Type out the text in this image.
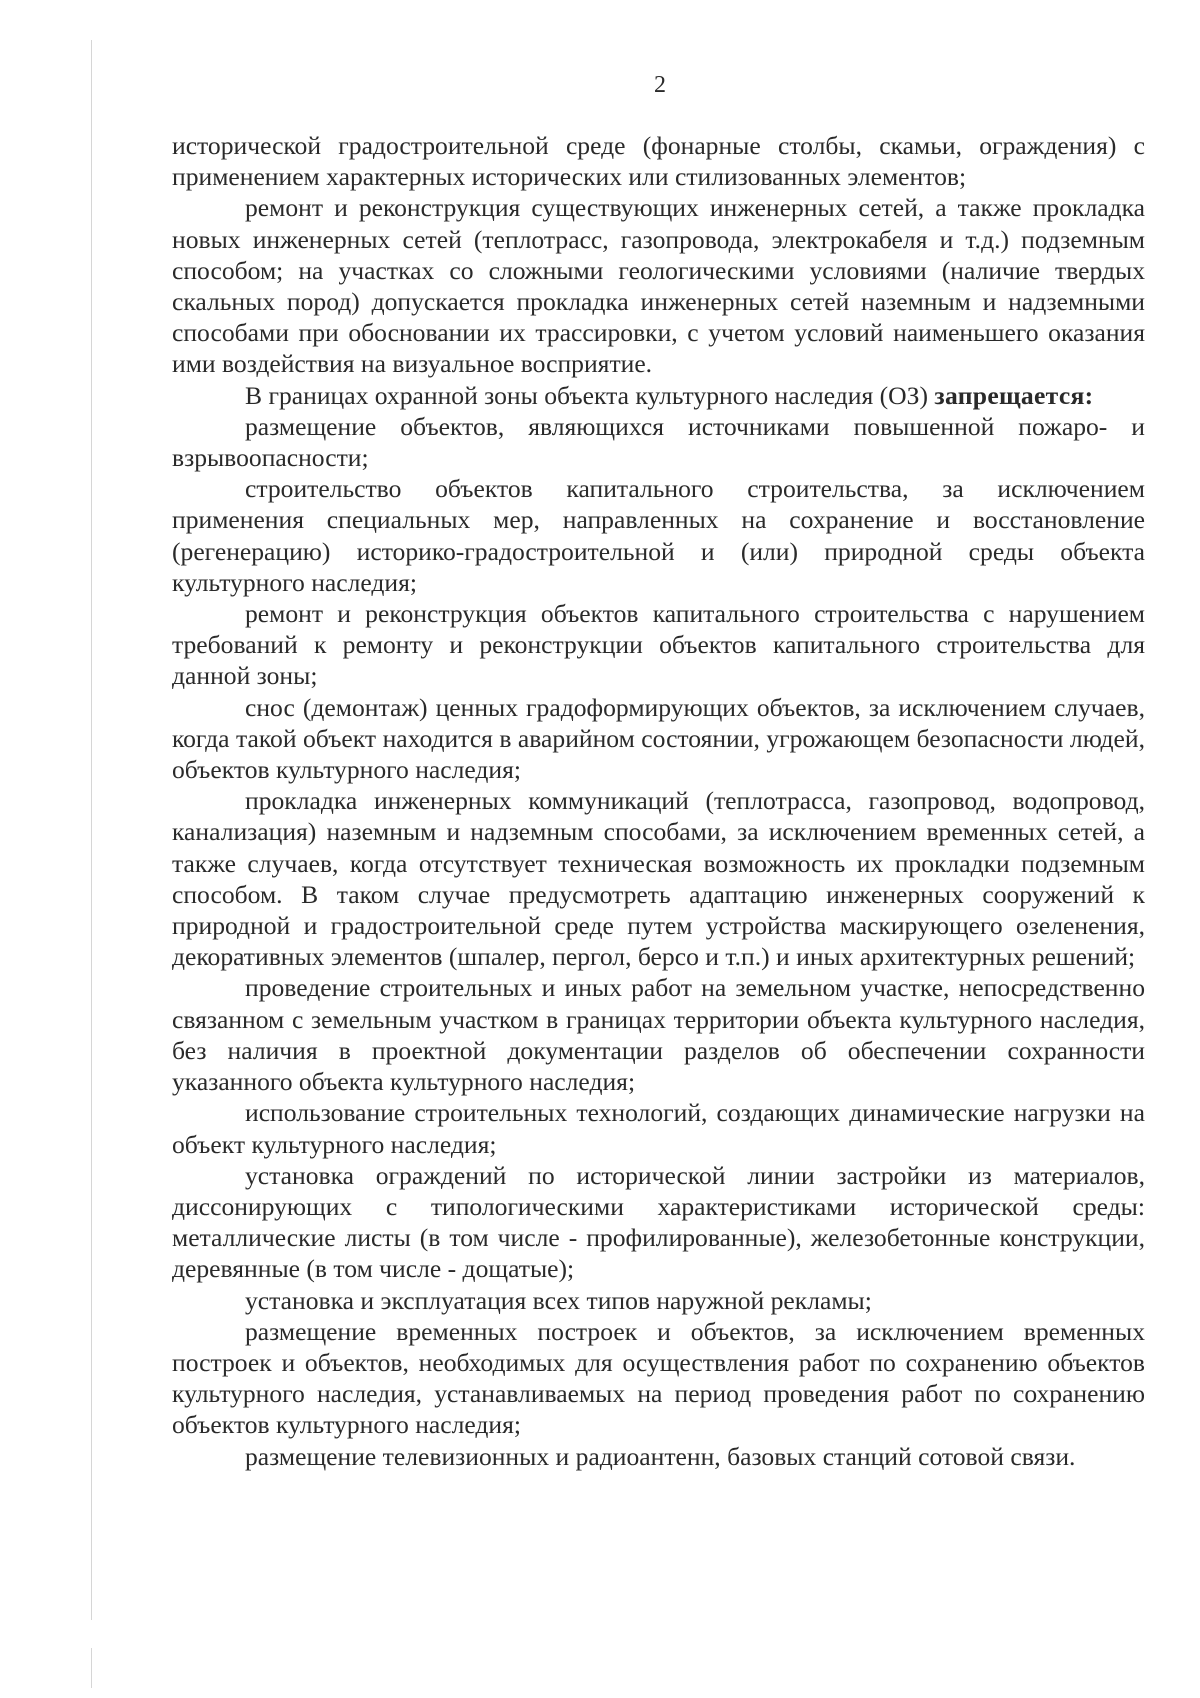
2

исторической градостроительной среде (фонарные столбы, скамьи, ограждения) с применением характерных исторических или стилизованных элементов;

ремонт и реконструкция существующих инженерных сетей, а также прокладка новых инженерных сетей (теплотрасс, газопровода, электрокабеля и т.д.) подземным способом; на участках со сложными геологическими условиями (наличие твердых скальных пород) допускается прокладка инженерных сетей наземным и надземными способами при обосновании их трассировки, с учетом условий наименьшего оказания ими воздействия на визуальное восприятие.

В границах охранной зоны объекта культурного наследия (ОЗ) запрещается:

размещение объектов, являющихся источниками повышенной пожаро- и взрывоопасности;

строительство объектов капитального строительства, за исключением применения специальных мер, направленных на сохранение и восстановление (регенерацию) историко-градостроительной и (или) природной среды объекта культурного наследия;

ремонт и реконструкция объектов капитального строительства с нарушением требований к ремонту и реконструкции объектов капитального строительства для данной зоны;

снос (демонтаж) ценных градоформирующих объектов, за исключением случаев, когда такой объект находится в аварийном состоянии, угрожающем безопасности людей, объектов культурного наследия;

прокладка инженерных коммуникаций (теплотрасса, газопровод, водопровод, канализация) наземным и надземным способами, за исключением временных сетей, а также случаев, когда отсутствует техническая возможность их прокладки подземным способом. В таком случае предусмотреть адаптацию инженерных сооружений к природной и градостроительной среде путем устройства маскирующего озеленения, декоративных элементов (шпалер, пергол, берсо и т.п.) и иных архитектурных решений;

проведение строительных и иных работ на земельном участке, непосредственно связанном с земельным участком в границах территории объекта культурного наследия, без наличия в проектной документации разделов об обеспечении сохранности указанного объекта культурного наследия;

использование строительных технологий, создающих динамические нагрузки на объект культурного наследия;

установка ограждений по исторической линии застройки из материалов, диссонирующих с типологическими характеристиками исторической среды: металлические листы (в том числе - профилированные), железобетонные конструкции, деревянные (в том числе - дощатые);

установка и эксплуатация всех типов наружной рекламы;

размещение временных построек и объектов, за исключением временных построек и объектов, необходимых для осуществления работ по сохранению объектов культурного наследия, устанавливаемых на период проведения работ по сохранению объектов культурного наследия;

размещение телевизионных и радиоантенн, базовых станций сотовой связи.
